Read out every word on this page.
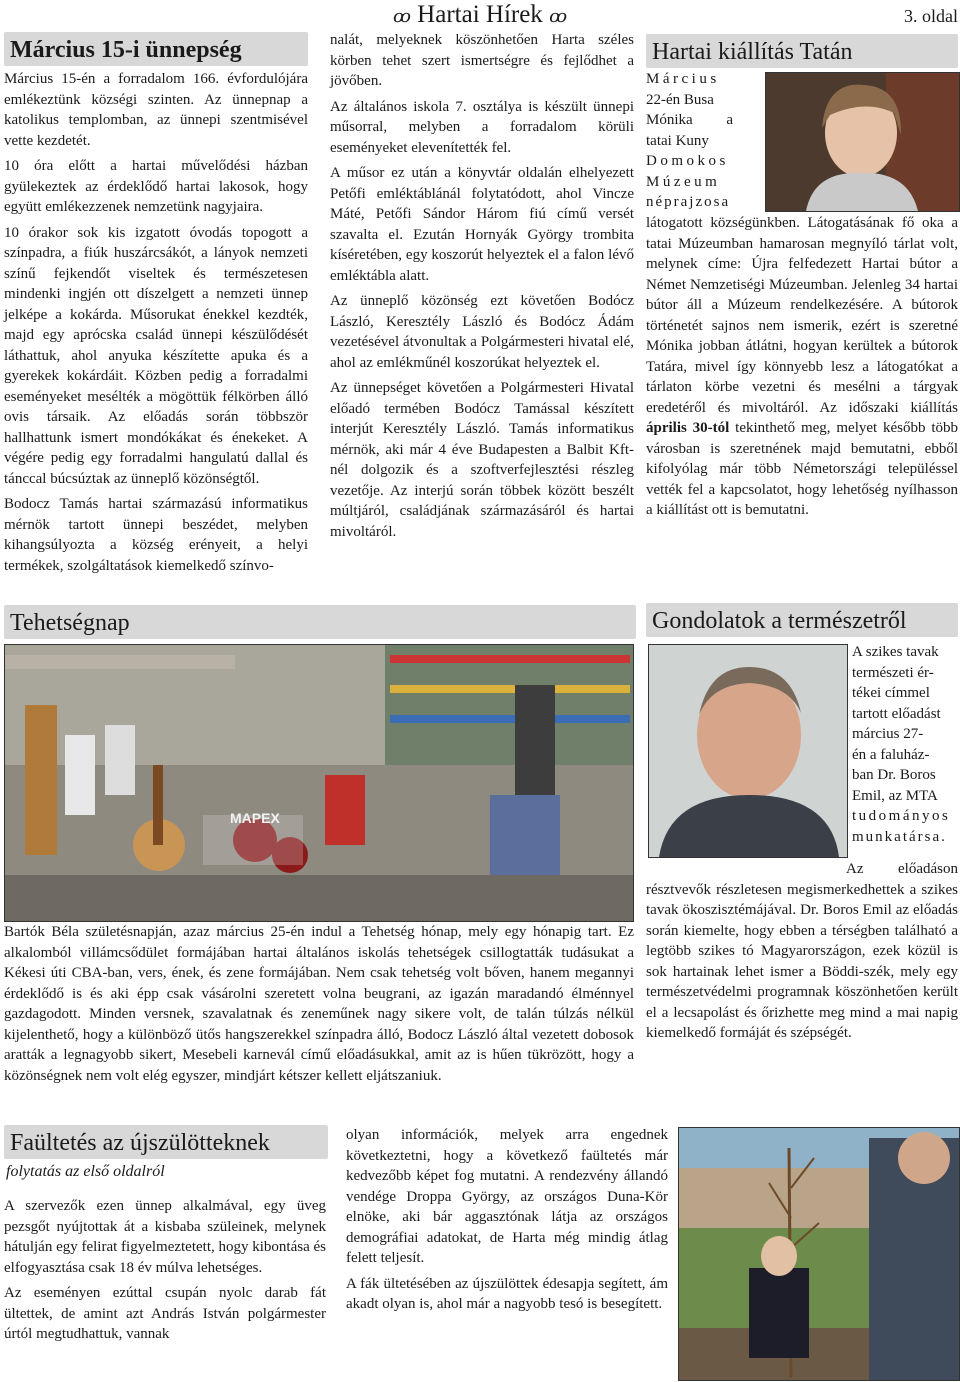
ꝏ Hartai Hírek ꝏ	3. oldal
Március 15-i ünnepség

Március 15-én a forradalom 166. évfordulójára emlékeztünk községi szinten. Az ünnepnap a katolikus templomban, az ünnepi szentmisével vette kezdetét.

10 óra előtt a hartai művelődési házban gyülekeztek az érdeklődő hartai lakosok, hogy együtt emlékezzenek nemzetünk nagyjaira.

10 órakor sok kis izgatott óvodás topogott a színpadra, a fiúk huszárcsákót, a lányok nemzeti színű fejkendőt viseltek és természetesen mindenki ingjén ott díszelgett a nemzeti ünnep jelképe a kokárda. Műsorukat énekkel kezdték, majd egy aprócska család ünnepi készülődését láthattuk, ahol anyuka készítette apuka és a gyerekek kokárdáit. Közben pedig a forradalmi eseményeket mesélték a mögöttük félkörben álló ovis társaik. Az előadás során többször hallhattunk ismert mondókákat és énekeket. A végére pedig egy forradalmi hangulatú dallal és tánccal búcsúztak az ünneplő közönségtől.

Bodocz Tamás hartai származású informatikus mérnök tartott ünnepi beszédet, melyben kihangsúlyozta a község erényeit, a helyi termékek, szolgáltatások kiemelkedő színvo-

nalát, melyeknek köszönhetően Harta széles körben tehet szert ismertségre és fejlődhet a jövőben.

Az általános iskola 7. osztálya is készült ünnepi műsorral, melyben a forradalom körüli eseményeket elevenítették fel.

A műsor ez után a könyvtár oldalán elhelyezett Petőfi emléktáblánál folytatódott, ahol Vincze Máté, Petőfi Sándor Három fiú című versét szavalta el. Ezután Hornyák György trombita kíséretében, egy koszorút helyeztek el a falon lévő emléktábla alatt.

Az ünneplő közönség ezt követően Bodócz László, Keresztély László és Bodócz Ádám vezetésével átvonultak a Polgármesteri hivatal elé, ahol az emlékműnél koszorúkat helyeztek el.

Az ünnepséget követően a Polgármesteri Hivatal előadó termében Bodócz Tamással készített interjút Keresztély László. Tamás informatikus mérnök, aki már 4 éve Budapesten a Balbit Kft-nél dolgozik és a szoftverfejlesztési részleg vezetője. Az interjú során többek között beszélt múltjáról, családjának származásáról és hartai mivoltáról.

Hartai kiállítás Tatán

Március

22-én Busa

Mónika a

tatai Kuny

Domokos

Múzeum

néprajzosa

látogatott községünkben. Látogatásának fő oka a tatai Múzeumban hamarosan megnyíló tárlat volt, melynek címe: Újra felfedezett Hartai bútor a Német Nemzetiségi Múzeumban. Jelenleg 34 hartai bútor áll a Múzeum rendelkezésére. A bútorok történetét sajnos nem ismerik, ezért is szeretné Mónika jobban átlátni, hogyan kerültek a bútorok Tatára, mivel így könnyebb lesz a látogatókat a tárlaton körbe vezetni és mesélni a tárgyak eredetéről és mivoltáról. Az időszaki kiállítás április 30-tól tekinthető meg, melyet később több városban is szeretnének majd bemutatni, ebből kifolyólag már több Németországi településsel vették fel a kapcsolatot, hogy lehetőség nyílhasson a kiállítást ott is bemutatni.
Tehetségnap
MAPEX
Bartók Béla születésnapján, azaz március 25-én indul a Tehetség hónap, mely egy hónapig tart. Ez alkalomból villámcsődület formájában hartai általános iskolás tehetségek csillogtatták tudásukat a Kékesi úti CBA-ban, vers, ének, és zene formájában. Nem csak tehetség volt bőven, hanem megannyi érdeklődő is és aki épp csak vásárolni szeretett volna beugrani, az igazán maradandó élménnyel gazdagodott. Minden versnek, szavalatnak és zeneműnek nagy sikere volt, de talán túlzás nélkül kijelenthető, hogy a különböző ütős hangszerekkel színpadra álló, Bodocz László által vezetett dobosok aratták a legnagyobb sikert, Mesebeli karnevál című előadásukkal, amit az is hűen tükrözött, hogy a közönségnek nem volt elég egyszer, mindjárt kétszer kellett eljátszaniuk.
Gondolatok a természetről

A szikes tavak

természeti ér-

tékei címmel

tartott előadást

március 27-

én a faluház-

ban Dr. Boros

Emil, az MTA

tudományos

munkatársa.

Az előadáson résztvevők részletesen megismerkedhettek a szikes tavak ökoszisztémájával. Dr. Boros Emil az előadás során kiemelte, hogy ebben a térségben található a legtöbb szikes tó Magyarországon, ezek közül is sok hartainak lehet ismer a Böddi-szék, mely egy természetvédelmi programnak köszönhetően került el a lecsapolást és őrizhette meg mind a mai napig kiemelkedő formáját és szépségét.
Faültetés az újszülötteknek
folytatás az első oldalról

A szervezők ezen ünnep alkalmával, egy üveg pezsgőt nyújtottak át a kisbaba szüleinek, melynek hátulján egy felirat figyelmeztetett, hogy kibontása és elfogyasztása csak 18 év múlva lehetséges.

Az eseményen ezúttal csupán nyolc darab fát ültettek, de amint azt András István polgármester úrtól megtudhattuk, vannak

olyan információk, melyek arra engednek következtetni, hogy a következő faültetés már kedvezőbb képet fog mutatni. A rendezvény állandó vendége Droppa György, az országos Duna-Kör elnöke, aki bár aggasztónak látja az országos demográfiai adatokat, de Harta még mindig átlag felett teljesít.

A fák ültetésében az újszülöttek édesapja segített, ám akadt olyan is, ahol már a nagyobb tesó is besegített.
